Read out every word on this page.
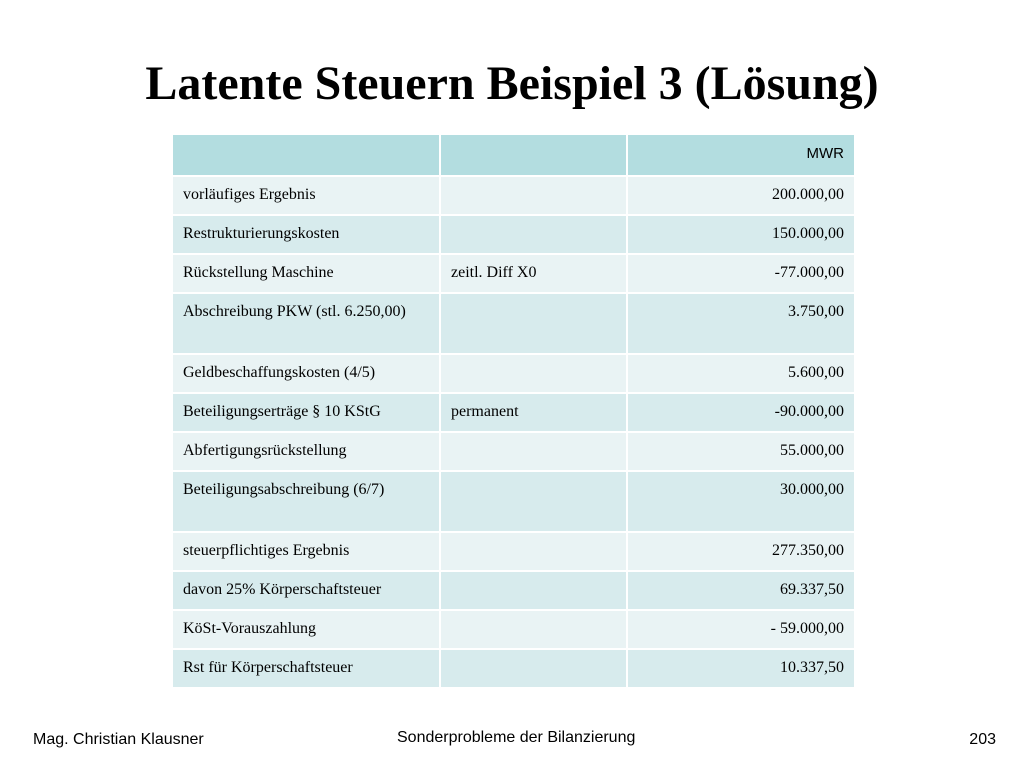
Latente Steuern Beispiel 3 (Lösung)
		MWR
vorläufiges Ergebnis		200.000,00
Restrukturierungskosten		150.000,00
Rückstellung Maschine	zeitl. Diff X0	-77.000,00
Abschreibung PKW (stl. 6.250,00)		3.750,00
Geldbeschaffungskosten (4/5)		5.600,00
Beteiligungserträge § 10 KStG	permanent	-90.000,00
Abfertigungsrückstellung		55.000,00
Beteiligungsabschreibung (6/7)		30.000,00
steuerpflichtiges Ergebnis		277.350,00
davon 25% Körperschaftsteuer		69.337,50
KöSt-Vorauszahlung		- 59.000,00
Rst für Körperschaftsteuer		10.337,50
Mag. Christian Klausner	Sonderprobleme der Bilanzierung	203
